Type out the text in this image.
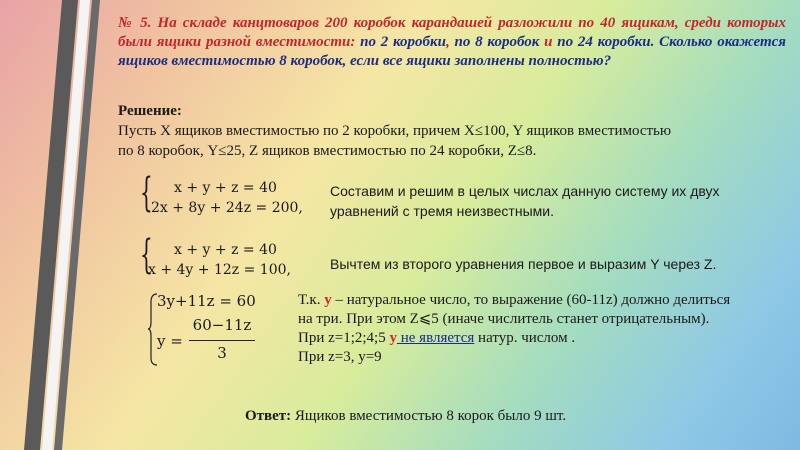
№ 5. На складе канцтоваров 200 коробок карандашей разложили по 40 ящикам, среди которых были ящики разной вместимости: по 2 коробки, по 8 коробок и по 24 коробки. Сколько окажется ящиков вместимостью 8 коробок, если все ящики заполнены полностью?
Решение:
Пусть X ящиков вместимостью по 2 коробки, причем X≤100, Y ящиков вместимостью
по 8 коробок, Y≤25, Z ящиков вместимостью по 24 коробки, Z≤8.
{ x + y + z = 40
2x + 8y + 24z = 200,
Составим и решим в целых числах данную систему их двух уравнений с тремя неизвестными.
{ x + y + z = 40
x + 4y + 12z = 100,	Вычтем из второго уравнения первое и выразим Y через Z.
3y+11z = 60
y =
60−11z
3
Т.к. y – натуральное число, то выражение (60-11z) должно делиться
на три. При этом Z⩽5 (иначе числитель станет отрицательным).
При z=1;2;4;5 y не является натур. числом .
При z=3, y=9
Ответ: Ящиков вместимостью 8 корок было 9 шт.
